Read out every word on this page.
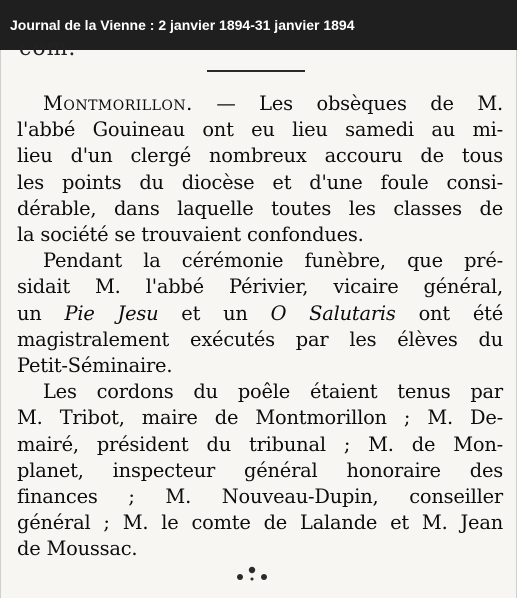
Journal de la Vienne : 2 janvier 1894-31 janvier 1894
com.
Montmorillon. — Les obsèques de M.
l'abbé Gouineau ont eu lieu samedi au mi-
lieu d'un clergé nombreux accouru de tous
les points du diocèse et d'une foule consi-
dérable, dans laquelle toutes les classes de
la société se trouvaient confondues.
Pendant la cérémonie funèbre, que pré-
sidait M. l'abbé Périvier, vicaire général,
un Pie Jesu et un O Salutaris ont été
magistralement exécutés par les élèves du
Petit-Séminaire.
Les cordons du poêle étaient tenus par
M. Tribot, maire de Montmorillon ; M. De-
mairé, président du tribunal ; M. de Mon-
planet, inspecteur général honoraire des
finances ; M. Nouveau-Dupin, conseiller
général ; M. le comte de Lalande et M. Jean
de Moussac.
